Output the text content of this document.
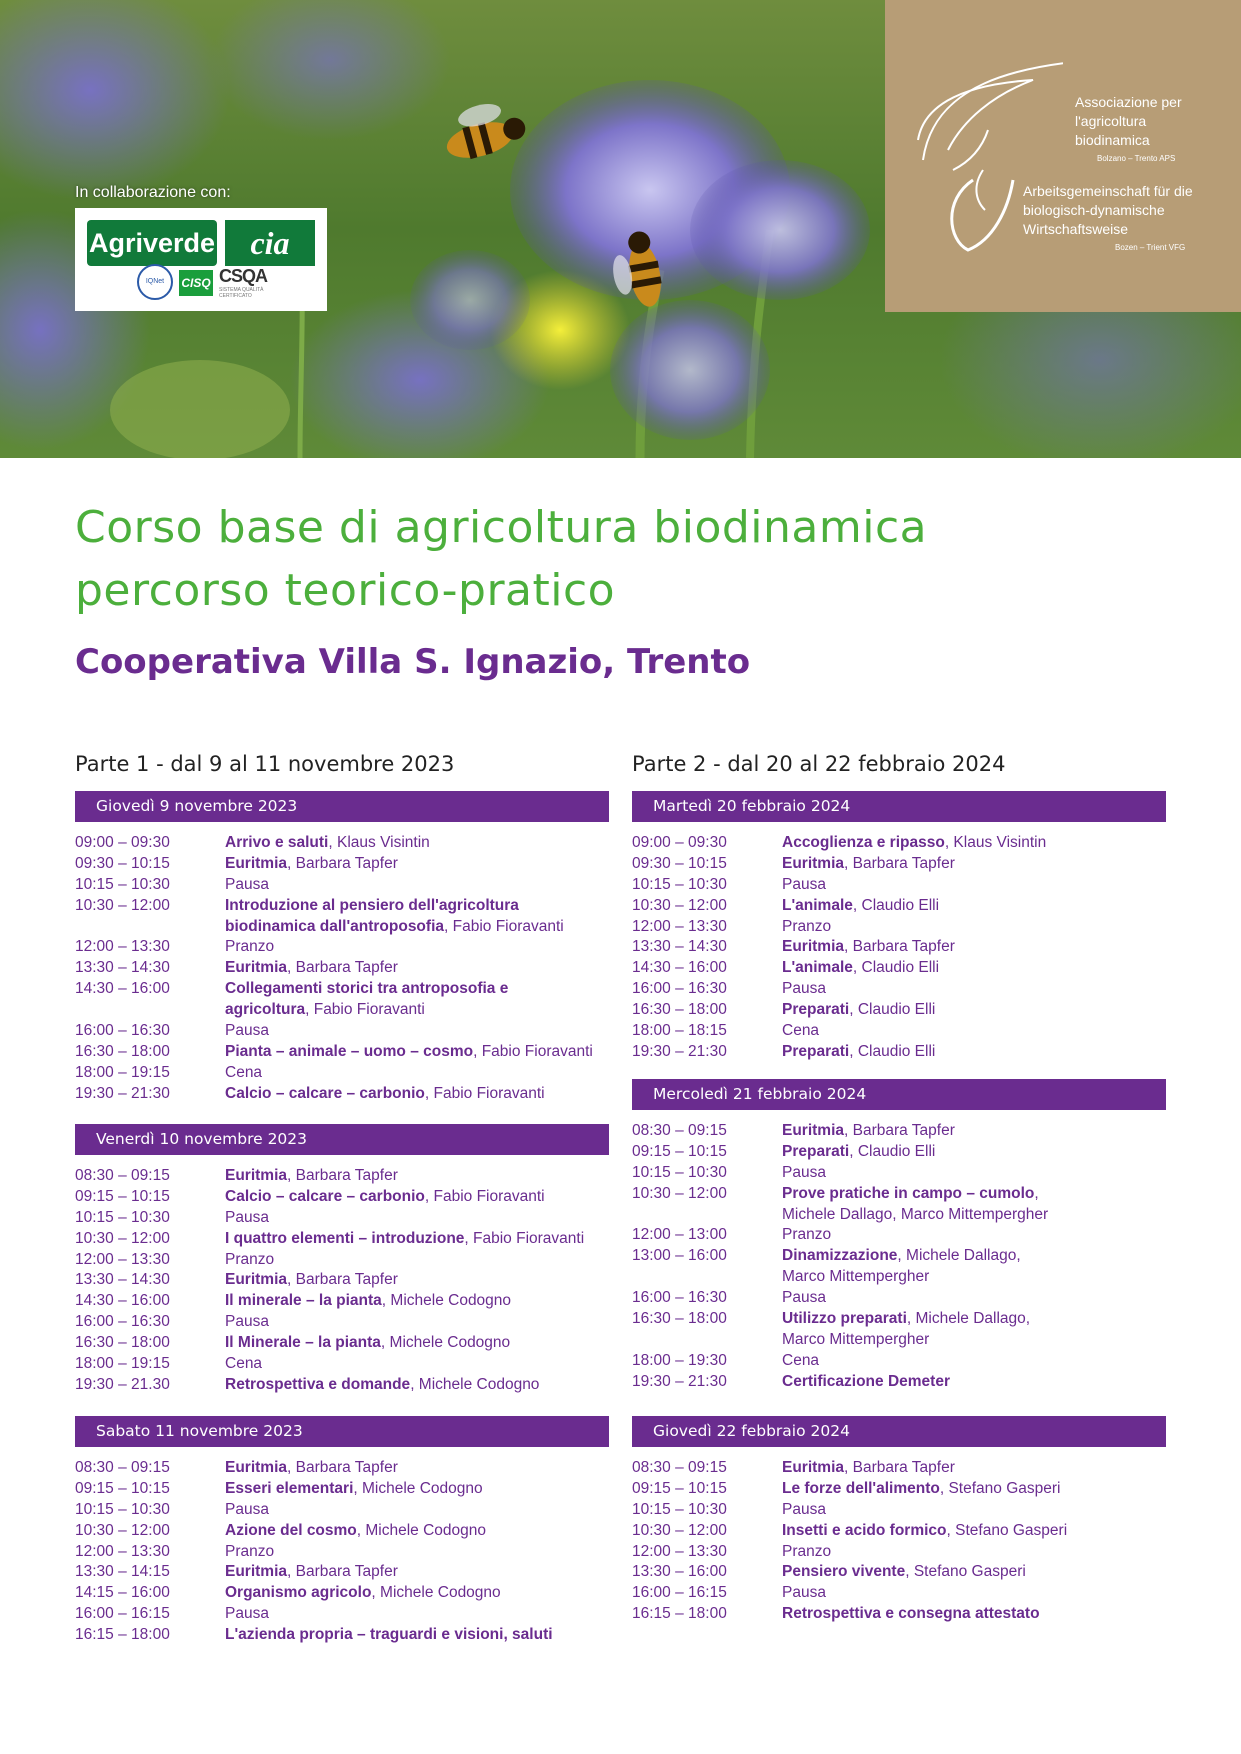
In collaborazione con:
Agriverde	cia
IQNet	CISQ CSQA
SISTEMA QUALITÀ CERTIFICATO
Associazione per
l'agricoltura
biodinamica
Bolzano – Trento APS
Arbeitsgemeinschaft für die
biologisch-dynamische
Wirtschaftsweise
Bozen – Trient VFG
Corso base di agricoltura biodinamica
percorso teorico-pratico
Cooperativa Villa S. Ignazio, Trento
Parte 1 - dal 9 al 11 novembre 2023	Parte 2 - dal 20 al 22 febbraio 2024
Giovedì 9 novembre 2023
09:00 – 09:30	Arrivo e saluti, Klaus Visintin
09:30 – 10:15	Euritmia, Barbara Tapfer
10:15 – 10:30	Pausa
10:30 – 12:00	Introduzione al pensiero dell'agricoltura
biodinamica dall'antroposofia, Fabio Fioravanti
12:00 – 13:30	Pranzo
13:30 – 14:30	Euritmia, Barbara Tapfer
14:30 – 16:00	Collegamenti storici tra antroposofia e
agricoltura, Fabio Fioravanti
16:00 – 16:30	Pausa
16:30 – 18:00	Pianta – animale – uomo – cosmo, Fabio Fioravanti
18:00 – 19:15	Cena
19:30 – 21:30	Calcio – calcare – carbonio, Fabio Fioravanti
Venerdì 10 novembre 2023
08:30 – 09:15	Euritmia, Barbara Tapfer
09:15 – 10:15	Calcio – calcare – carbonio, Fabio Fioravanti
10:15 – 10:30	Pausa
10:30 – 12:00	I quattro elementi – introduzione, Fabio Fioravanti
12:00 – 13:30	Pranzo
13:30 – 14:30	Euritmia, Barbara Tapfer
14:30 – 16:00	Il minerale – la pianta, Michele Codogno
16:00 – 16:30	Pausa
16:30 – 18:00	Il Minerale – la pianta, Michele Codogno
18:00 – 19:15	Cena
19:30 – 21.30	Retrospettiva e domande, Michele Codogno
Sabato 11 novembre 2023
08:30 – 09:15	Euritmia, Barbara Tapfer
09:15 – 10:15	Esseri elementari, Michele Codogno
10:15 – 10:30	Pausa
10:30 – 12:00	Azione del cosmo, Michele Codogno
12:00 – 13:30	Pranzo
13:30 – 14:15	Euritmia, Barbara Tapfer
14:15 – 16:00	Organismo agricolo, Michele Codogno
16:00 – 16:15	Pausa
16:15 – 18:00	L'azienda propria – traguardi e visioni, saluti
Martedì 20 febbraio 2024
09:00 – 09:30	Accoglienza e ripasso, Klaus Visintin
09:30 – 10:15	Euritmia, Barbara Tapfer
10:15 – 10:30	Pausa
10:30 – 12:00	L'animale, Claudio Elli
12:00 – 13:30	Pranzo
13:30 – 14:30	Euritmia, Barbara Tapfer
14:30 – 16:00	L'animale, Claudio Elli
16:00 – 16:30	Pausa
16:30 – 18:00	Preparati, Claudio Elli
18:00 – 18:15	Cena
19:30 – 21:30	Preparati, Claudio Elli
Mercoledì 21 febbraio 2024
08:30 – 09:15	Euritmia, Barbara Tapfer
09:15 – 10:15	Preparati, Claudio Elli
10:15 – 10:30	Pausa
10:30 – 12:00	Prove pratiche in campo – cumolo,
Michele Dallago, Marco Mittempergher
12:00 – 13:00	Pranzo
13:00 – 16:00	Dinamizzazione, Michele Dallago,
Marco Mittempergher
16:00 – 16:30	Pausa
16:30 – 18:00	Utilizzo preparati, Michele Dallago,
Marco Mittempergher
18:00 – 19:30	Cena
19:30 – 21:30	Certificazione Demeter
Giovedì 22 febbraio 2024
08:30 – 09:15	Euritmia, Barbara Tapfer
09:15 – 10:15	Le forze dell'alimento, Stefano Gasperi
10:15 – 10:30	Pausa
10:30 – 12:00	Insetti e acido formico, Stefano Gasperi
12:00 – 13:30	Pranzo
13:30 – 16:00	Pensiero vivente, Stefano Gasperi
16:00 – 16:15	Pausa
16:15 – 18:00	Retrospettiva e consegna attestato
